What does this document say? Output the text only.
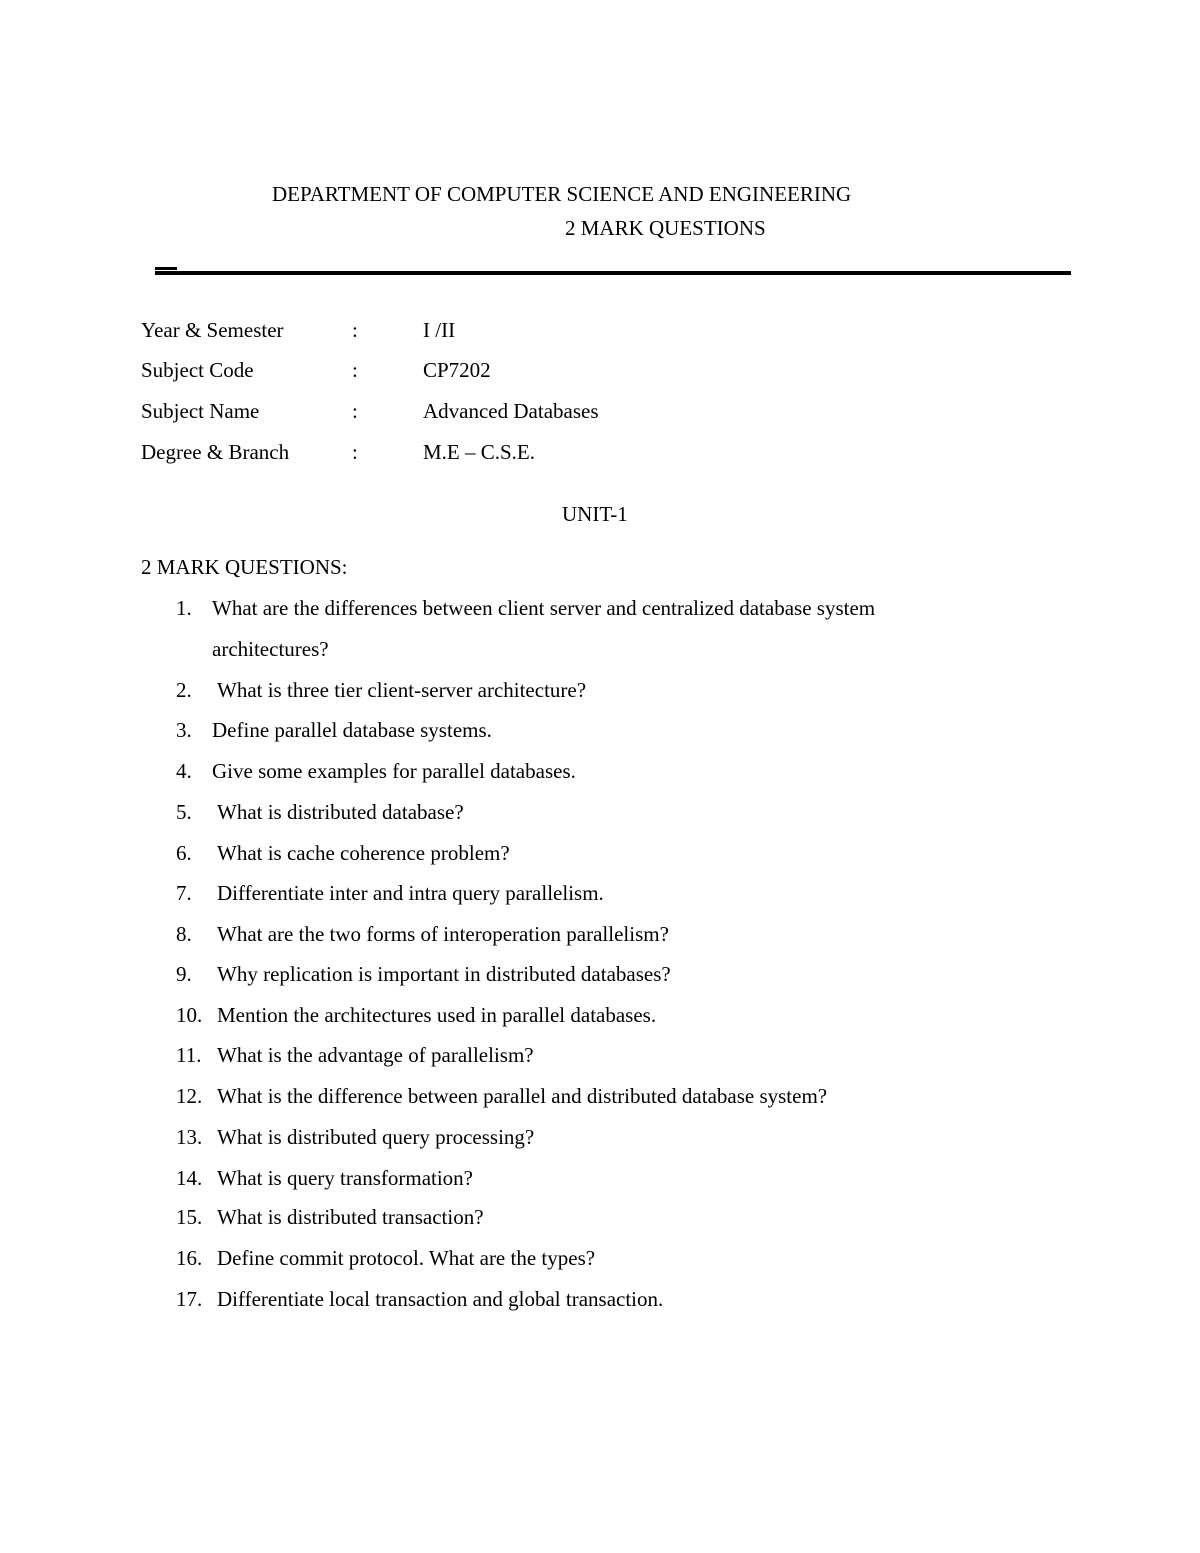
DEPARTMENT OF COMPUTER SCIENCE AND ENGINEERING
2 MARK QUESTIONS
Year & Semester	:	I /II
Subject Code	:	CP7202
Subject Name	:	Advanced Databases
Degree & Branch	:	M.E – C.S.E.
UNIT-1
2 MARK QUESTIONS:
1. What are the differences between client server and centralized database system
architectures?
2. What is three tier client-server architecture?
3. Define parallel database systems.
4. Give some examples for parallel databases.
5. What is distributed database?
6. What is cache coherence problem?
7. Differentiate inter and intra query parallelism.
8. What are the two forms of interoperation parallelism?
9. Why replication is important in distributed databases?
10. Mention the architectures used in parallel databases.
11. What is the advantage of parallelism?
12. What is the difference between parallel and distributed database system?
13. What is distributed query processing?
14. What is query transformation?
15. What is distributed transaction?
16. Define commit protocol. What are the types?
17. Differentiate local transaction and global transaction.
